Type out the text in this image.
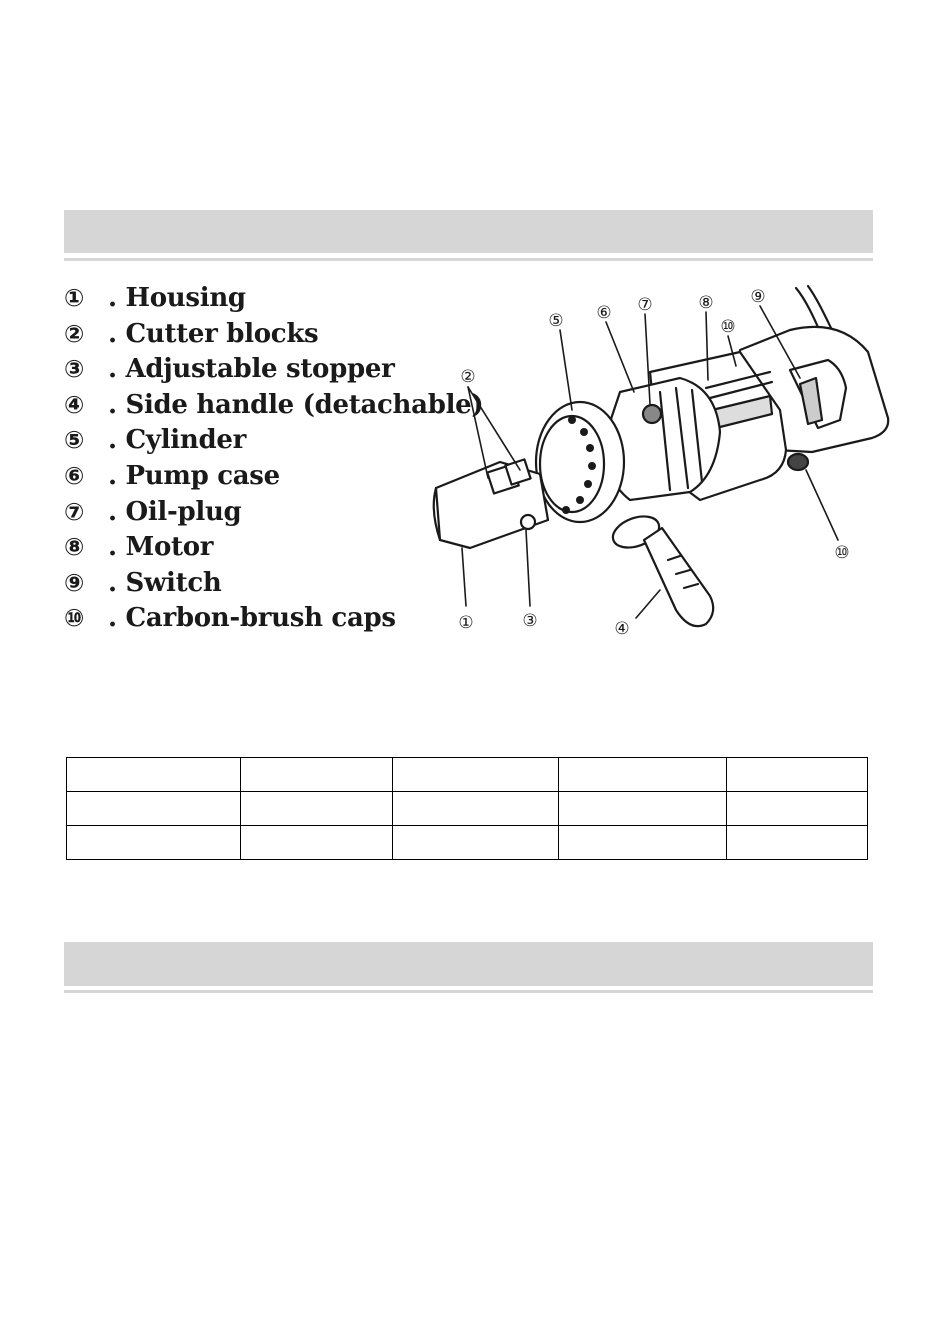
① . Housing
② . Cutter blocks
③ . Adjustable stopper
④ . Side handle (detachable)
⑤ . Cylinder
⑥ . Pump case
⑦ . Oil-plug
⑧ . Motor
⑨ . Switch
⑩ . Carbon-brush caps
②
①	③	④
⑤ ⑥ ⑦	⑧
⑩
⑨
⑩
